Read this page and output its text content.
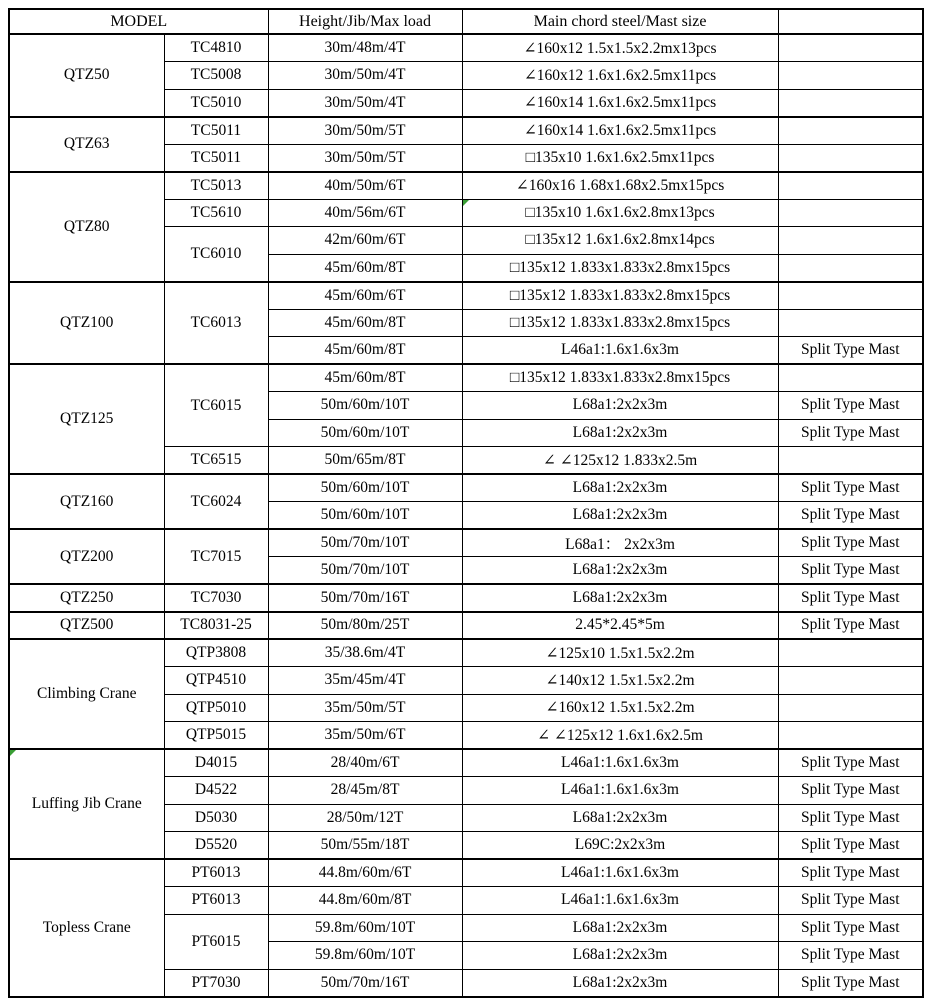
MODEL		Height/Jib/Max load	Main chord steel/Mast size	
QTZ50	TC4810	30m/48m/4T	∠160x12 1.5x1.5x2.2mx13pcs	
	TC5008	30m/50m/4T	∠160x12 1.6x1.6x2.5mx11pcs	
	TC5010	30m/50m/4T	∠160x14 1.6x1.6x2.5mx11pcs	
QTZ63	TC5011	30m/50m/5T	∠160x14 1.6x1.6x2.5mx11pcs	
	TC5011	30m/50m/5T	□135x10 1.6x1.6x2.5mx11pcs	
QTZ80	TC5013	40m/50m/6T	∠160x16 1.68x1.68x2.5mx15pcs	
	TC5610	40m/56m/6T	□135x10 1.6x1.6x2.8mx13pcs	
	TC6010	42m/60m/6T	□135x12 1.6x1.6x2.8mx14pcs	
		45m/60m/8T	□135x12 1.833x1.833x2.8mx15pcs	
QTZ100	TC6013	45m/60m/6T	□135x12 1.833x1.833x2.8mx15pcs	
		45m/60m/8T	□135x12 1.833x1.833x2.8mx15pcs	
		45m/60m/8T	L46a1:1.6x1.6x3m	Split Type Mast
QTZ125	TC6015	45m/60m/8T	□135x12 1.833x1.833x2.8mx15pcs	
		50m/60m/10T	L68a1:2x2x3m	Split Type Mast
		50m/60m/10T	L68a1:2x2x3m	Split Type Mast
	TC6515	50m/65m/8T	∠ ∠125x12 1.833x2.5m	
QTZ160	TC6024	50m/60m/10T	L68a1:2x2x3m	Split Type Mast
		50m/60m/10T	L68a1:2x2x3m	Split Type Mast
QTZ200	TC7015	50m/70m/10T	L68a1： 2x2x3m	Split Type Mast
		50m/70m/10T	L68a1:2x2x3m	Split Type Mast
QTZ250	TC7030	50m/70m/16T	L68a1:2x2x3m	Split Type Mast
QTZ500	TC8031-25	50m/80m/25T	2.45*2.45*5m	Split Type Mast
Climbing Crane	QTP3808	35/38.6m/4T	∠125x10 1.5x1.5x2.2m	
	QTP4510	35m/45m/4T	∠140x12 1.5x1.5x2.2m	
	QTP5010	35m/50m/5T	∠160x12 1.5x1.5x2.2m	
	QTP5015	35m/50m/6T	∠ ∠125x12 1.6x1.6x2.5m	
Luffing Jib Crane	D4015	28/40m/6T	L46a1:1.6x1.6x3m	Split Type Mast
	D4522	28/45m/8T	L46a1:1.6x1.6x3m	Split Type Mast
	D5030	28/50m/12T	L68a1:2x2x3m	Split Type Mast
	D5520	50m/55m/18T	L69C:2x2x3m	Split Type Mast
Topless Crane	PT6013	44.8m/60m/6T	L46a1:1.6x1.6x3m	Split Type Mast
	PT6013	44.8m/60m/8T	L46a1:1.6x1.6x3m	Split Type Mast
	PT6015	59.8m/60m/10T	L68a1:2x2x3m	Split Type Mast
		59.8m/60m/10T	L68a1:2x2x3m	Split Type Mast
	PT7030	50m/70m/16T	L68a1:2x2x3m	Split Type Mast
